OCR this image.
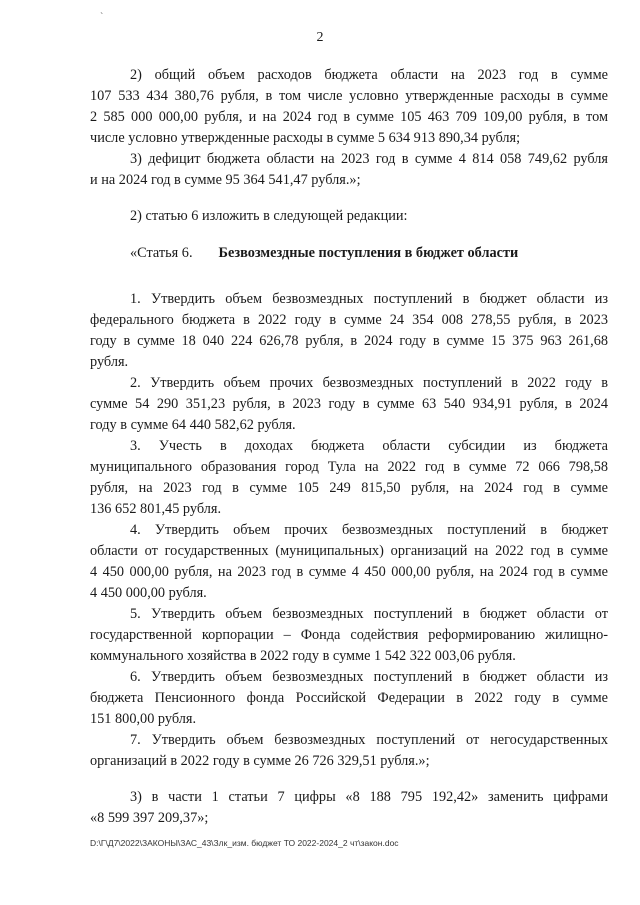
`
2
2) общий объем расходов бюджета области на 2023 год в сумме
107 533 434 380,76 рубля, в том числе условно утвержденные расходы в сумме
2 585 000 000,00 рубля, и на 2024 год в сумме 105 463 709 109,00 рубля, в том
числе условно утвержденные расходы в сумме 5 634 913 890,34 рубля;
3) дефицит бюджета области на 2023 год в сумме 4 814 058 749,62 рубля
и на 2024 год в сумме 95 364 541,47 рубля.»;
2) статью 6 изложить в следующей редакции:
«Статья 6. Безвозмездные поступления в бюджет области
1. Утвердить объем безвозмездных поступлений в бюджет области из
федерального бюджета в 2022 году в сумме 24 354 008 278,55 рубля, в 2023
году в сумме 18 040 224 626,78 рубля, в 2024 году в сумме 15 375 963 261,68
рубля.
2. Утвердить объем прочих безвозмездных поступлений в 2022 году в
сумме 54 290 351,23 рубля, в 2023 году в сумме 63 540 934,91 рубля, в 2024
году в сумме 64 440 582,62 рубля.
3. Учесть в доходах бюджета области субсидии из бюджета
муниципального образования город Тула на 2022 год в сумме 72 066 798,58
рубля, на 2023 год в сумме 105 249 815,50 рубля, на 2024 год в сумме
136 652 801,45 рубля.
4. Утвердить объем прочих безвозмездных поступлений в бюджет
области от государственных (муниципальных) организаций на 2022 год в сумме
4 450 000,00 рубля, на 2023 год в сумме 4 450 000,00 рубля, на 2024 год в сумме
4 450 000,00 рубля.
5. Утвердить объем безвозмездных поступлений в бюджет области от
государственной корпорации – Фонда содействия реформированию жилищно-
коммунального хозяйства в 2022 году в сумме 1 542 322 003,06 рубля.
6. Утвердить объем безвозмездных поступлений в бюджет области из
бюджета Пенсионного фонда Российской Федерации в 2022 году в сумме
151 800,00 рубля.
7. Утвердить объем безвозмездных поступлений от негосударственных
организаций в 2022 году в сумме 26 726 329,51 рубля.»;
3) в части 1 статьи 7 цифры «8 188 795 192,42» заменить цифрами
«8 599 397 209,37»;
D:\Г\Д7\2022\ЗАКОНЫ\ЗАС_43\Злк_изм. бюджет ТО 2022-2024_2 чт\закон.doc
